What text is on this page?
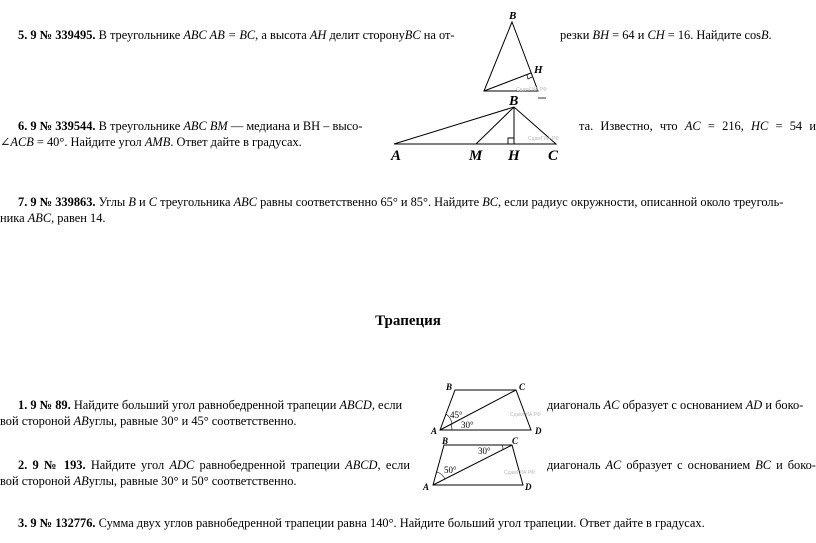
5. 9 № 339495. В треугольнике ABC AB = BC, а высота AH делит сторонуBC на от-	резки BH = 64 и CH = 16. Найдите cosB.
B
H
СдамГИА.РФ
6. 9 № 339544. В треугольнике ABC BM — медиана и BH – высо-	та. Известно, что AC = 216, HC = 54 и
∠ACB = 40°. Найдите угол AMB. Ответ дайте в градусах.
B
СдамГИА.РФ
A	M H C
7. 9 № 339863. Углы B и C треугольника ABC равны соответственно 65° и 85°. Найдите BC, если радиус окружности, описанной около треуголь-
ника ABC, равен 14.
Трапеция
1. 9 № 89. Найдите больший угол равнобедренной трапеции ABCD, если	диагональ AC образует с основанием AD и боко-
вой стороной ABуглы, равные 30° и 45° соответственно.
B	C
A	D
45°
30°
СдамГИА.РФ
2. 9 № 193. Найдите угол ADC равнобедренной трапеции ABCD, если	диагональ AC образует с основанием BC и боко-
вой стороной ABуглы, равные 30° и 50° соответственно.
B	C
A	D
30°
50°	СдамГИА.РФ
3. 9 № 132776. Сумма двух углов равнобедренной трапеции равна 140°. Найдите больший угол трапеции. Ответ дайте в градусах.
